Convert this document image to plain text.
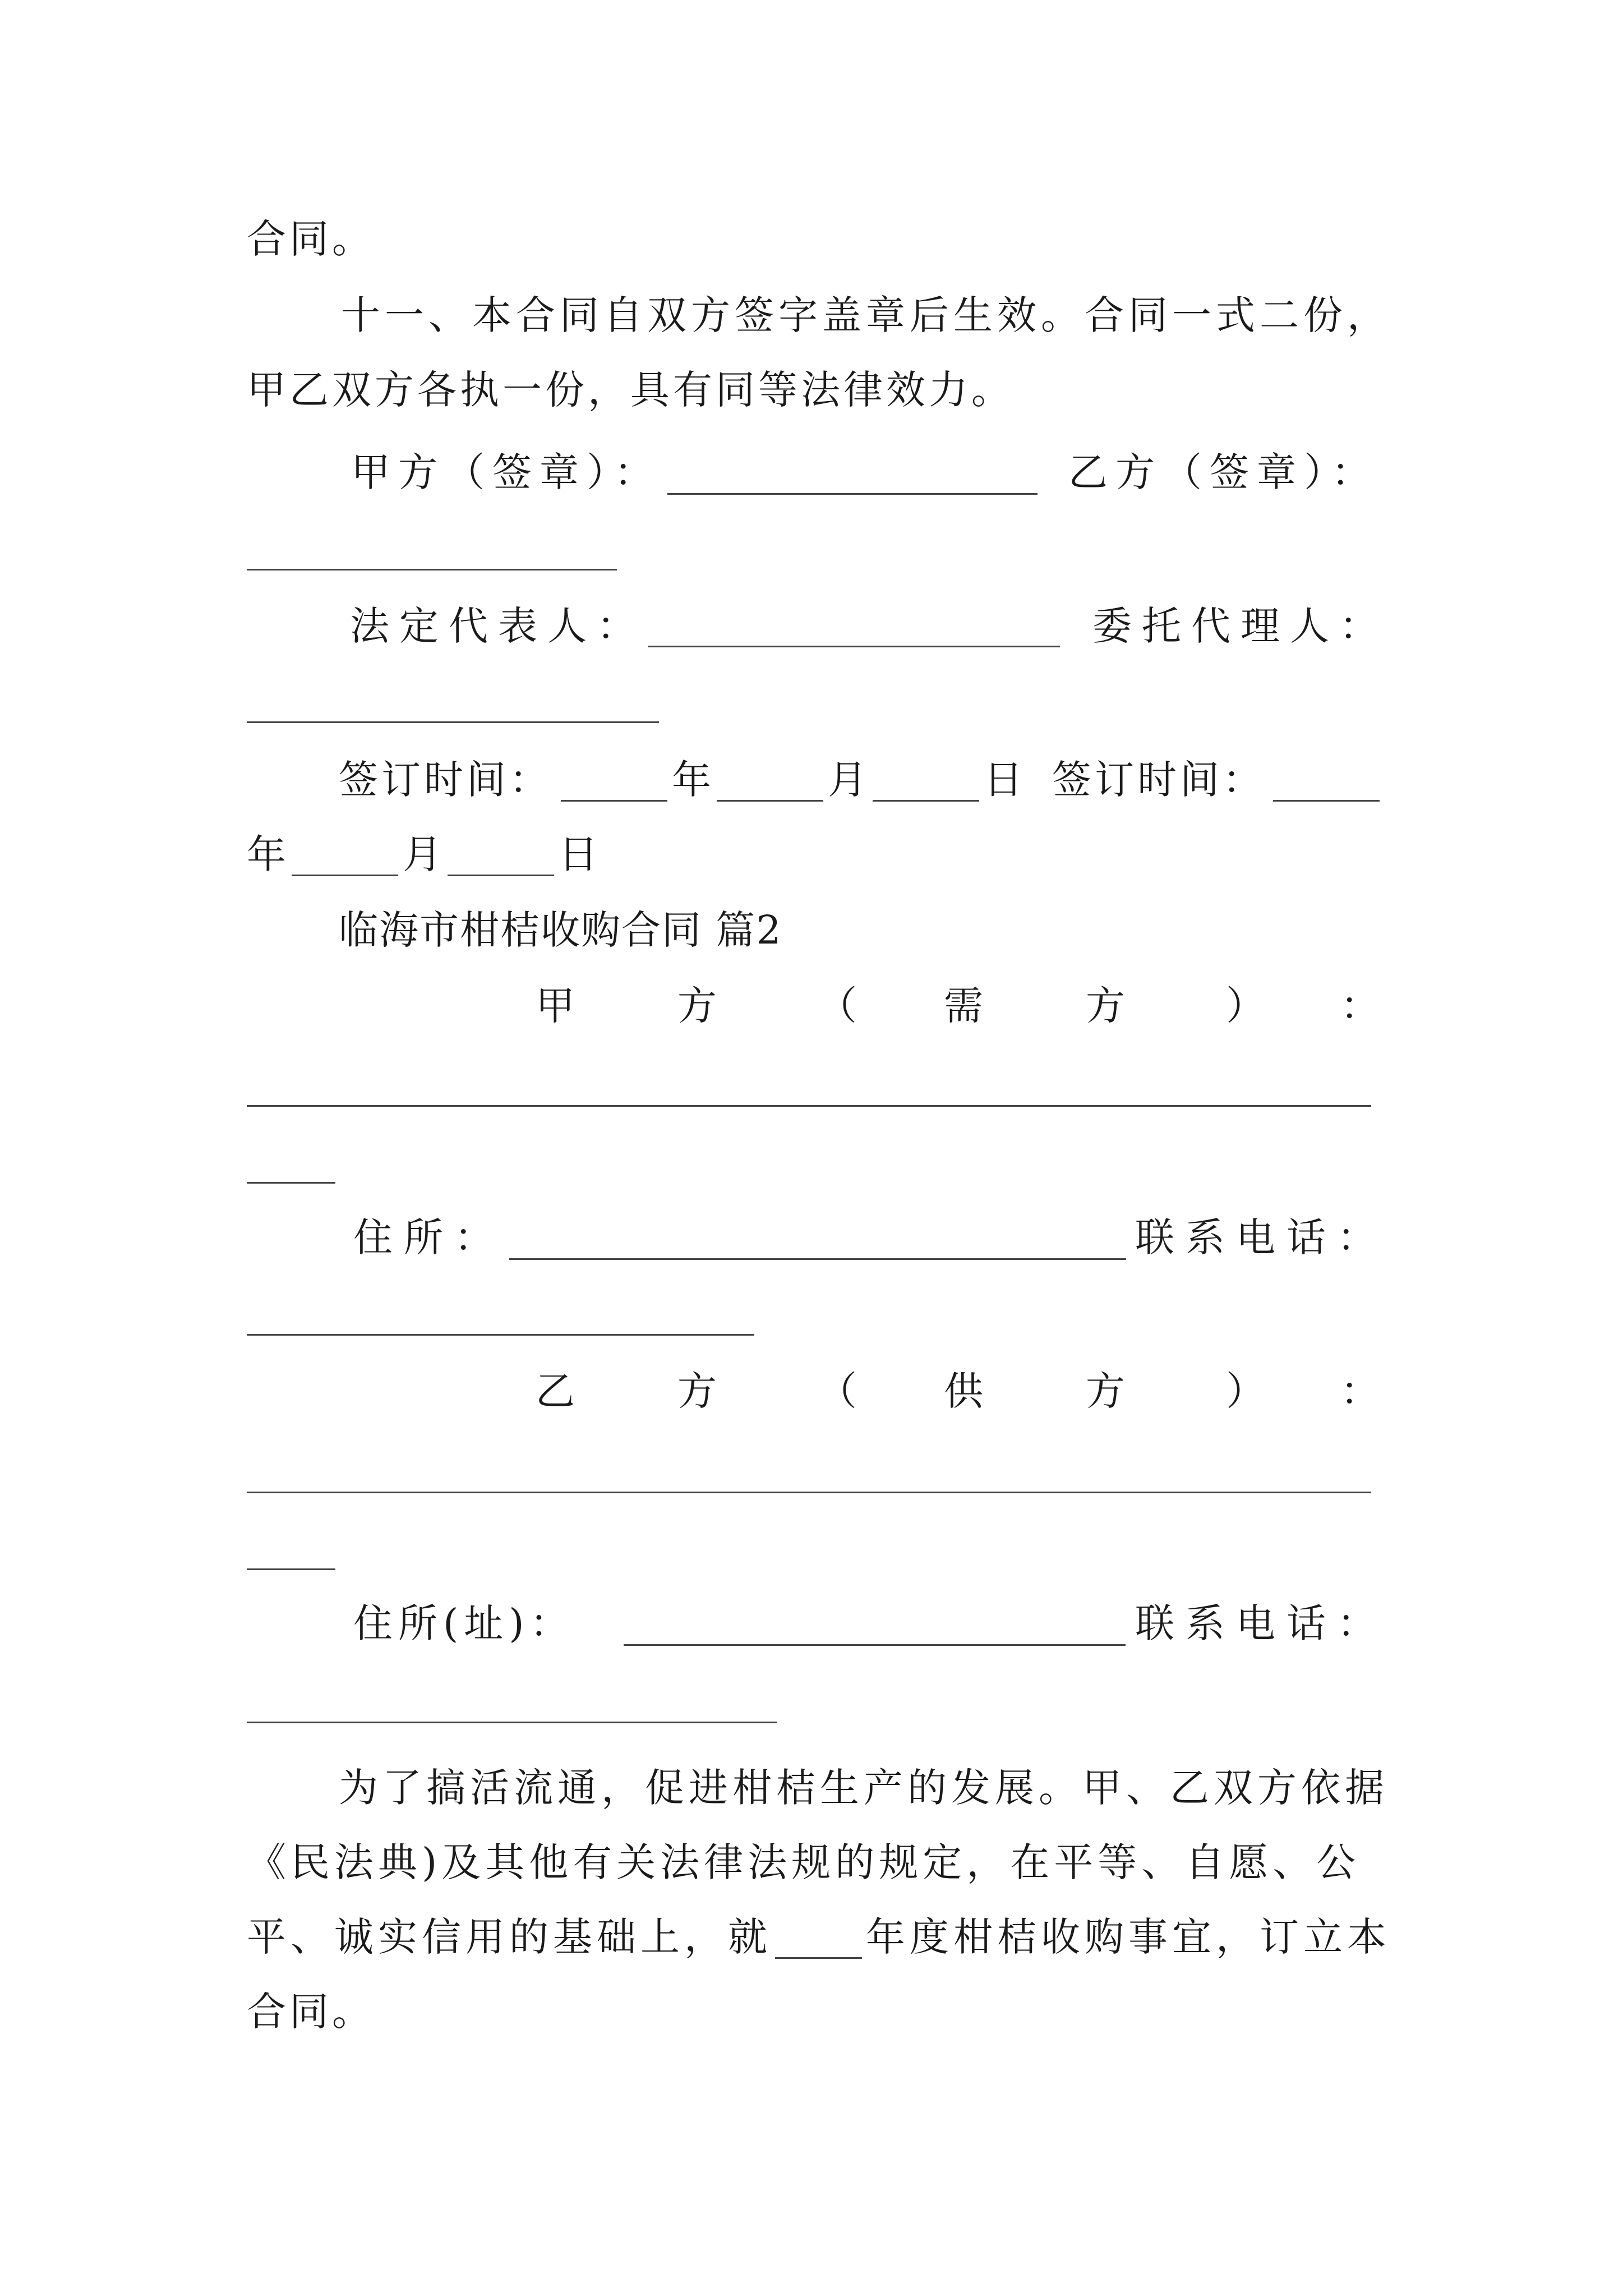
合同。
十一、本合同自双方签字盖章后生效。合同一式二份，
甲乙双方各执一份，具有同等法律效力。
甲方（签章）：	乙方（签章）：
法定代表人：	委托代理人：
签订时间：	年	月	日 签订时间：
年	月	日
临海市柑桔收购合同 篇2
甲	方	（ 需	方	） ：
住所：	联系电话：
乙	方	（ 供	方	） ：
住所(址)：	联系电话：
为了搞活流通，促进柑桔生产的发展。甲、乙双方依据
《民法典)及其他有关法律法规的规定，在平等、自愿、公
平、诚实信用的基础上，就 年度柑桔收购事宜，订立本
合同。
